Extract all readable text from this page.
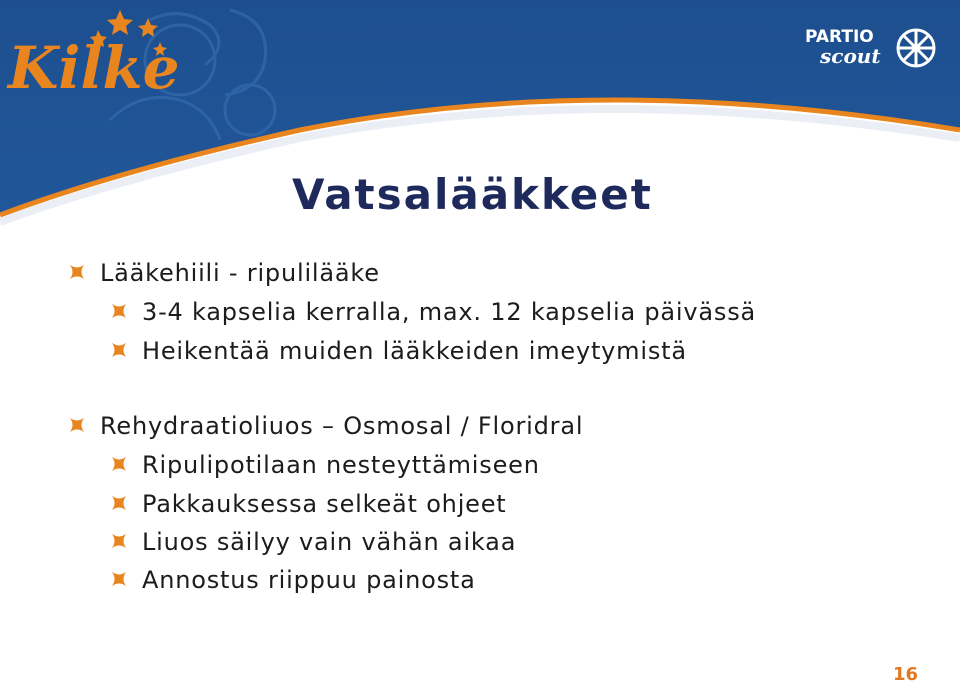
Kilke	PARTIO
scout
Vatsalääkkeet
Lääkehiili - ripulilääke
3-4 kapselia kerralla, max. 12 kapselia päivässä
Heikentää muiden lääkkeiden imeytymistä
Rehydraatioliuos – Osmosal / Floridral
Ripulipotilaan nesteyttämiseen
Pakkauksessa selkeät ohjeet
Liuos säilyy vain vähän aikaa
Annostus riippuu painosta
16
